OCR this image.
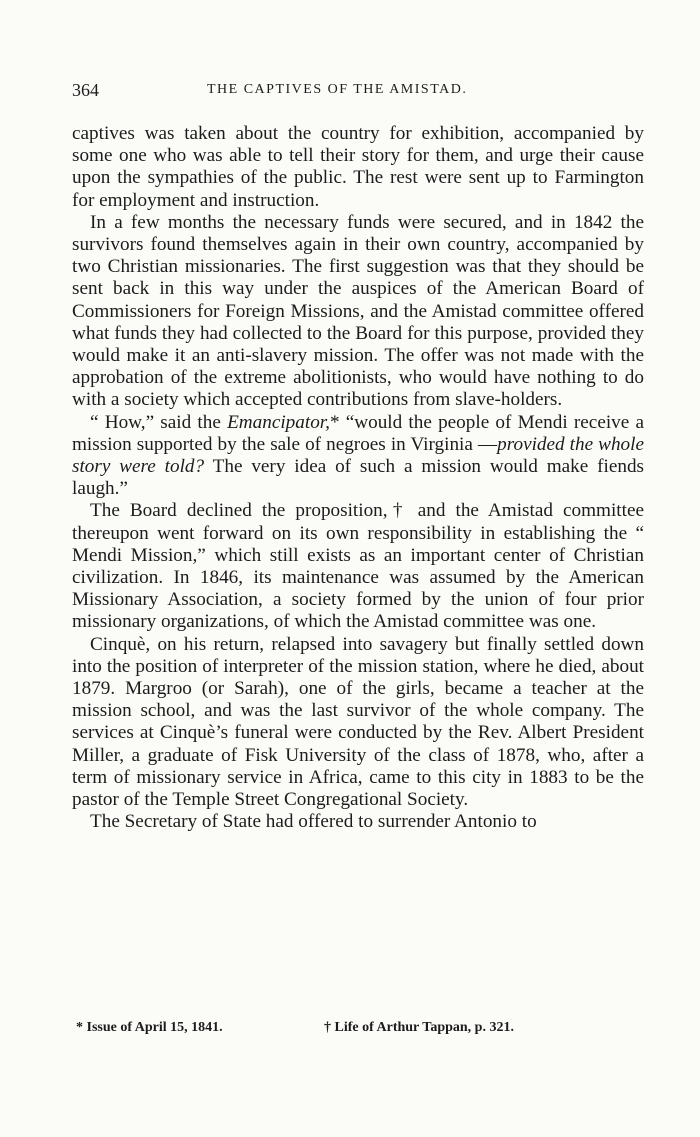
364	THE CAPTIVES OF THE AMISTAD.

captives was taken about the country for exhibition, accompanied by some one who was able to tell their story for them, and urge their cause upon the sympathies of the public. The rest were sent up to Farmington for employment and instruction.

In a few months the necessary funds were secured, and in 1842 the survivors found themselves again in their own country, accompanied by two Christian missionaries. The first suggestion was that they should be sent back in this way under the auspices of the American Board of Commissioners for Foreign Missions, and the Amistad committee offered what funds they had collected to the Board for this purpose, provided they would make it an anti-slavery mission. The offer was not made with the approbation of the extreme abolitionists, who would have nothing to do with a society which accepted contributions from slave-holders.

“ How,” said the Emancipator,* “would the people of Mendi receive a mission supported by the sale of negroes in Virginia —provided the whole story were told? The very idea of such a mission would make fiends laugh.”

The Board declined the proposition,† and the Amistad committee thereupon went forward on its own responsibility in establishing the “ Mendi Mission,” which still exists as an important center of Christian civilization. In 1846, its maintenance was assumed by the American Missionary Association, a society formed by the union of four prior missionary organizations, of which the Amistad committee was one.

Cinquè, on his return, relapsed into savagery but finally settled down into the position of interpreter of the mission station, where he died, about 1879. Margroo (or Sarah), one of the girls, became a teacher at the mission school, and was the last survivor of the whole company. The services at Cinquè’s funeral were conducted by the Rev. Albert President Miller, a graduate of Fisk University of the class of 1878, who, after a term of missionary service in Africa, came to this city in 1883 to be the pastor of the Temple Street Congregational Society.

The Secretary of State had offered to surrender Antonio to

* Issue of April 15, 1841.	† Life of Arthur Tappan, p. 321.
